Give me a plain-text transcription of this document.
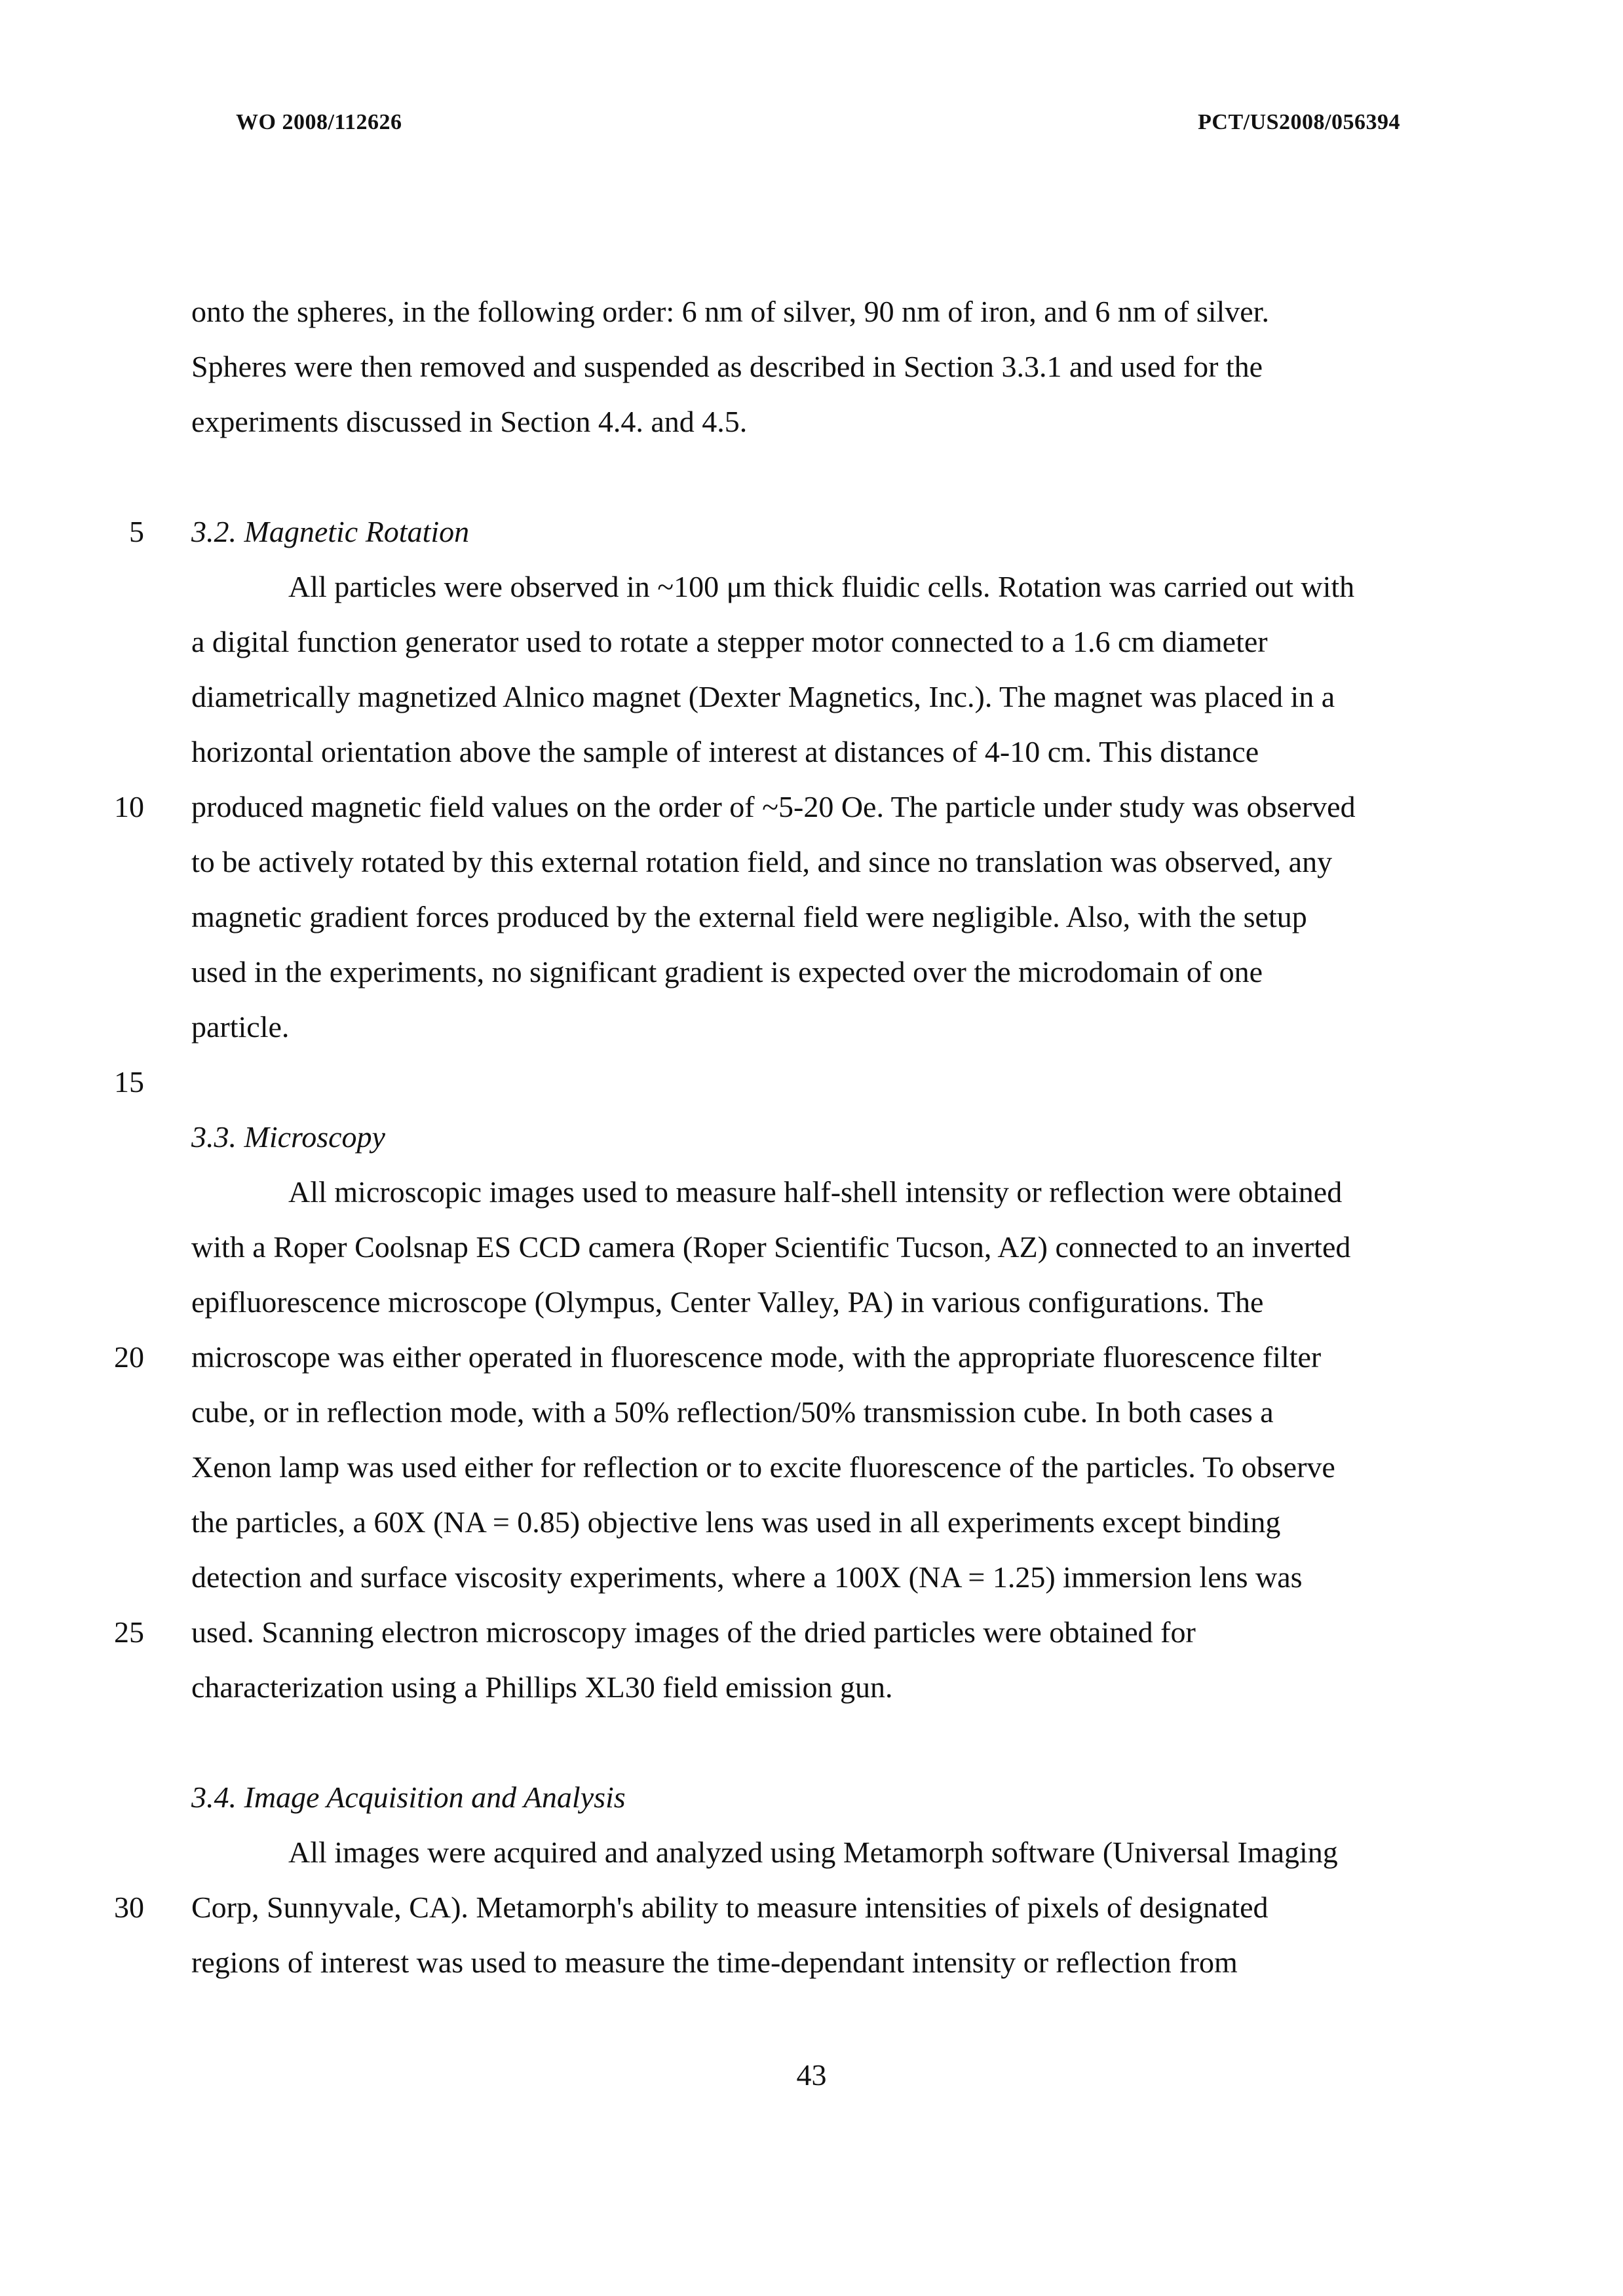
WO 2008/112626	PCT/US2008/056394
onto the spheres, in the following order: 6 nm of silver, 90 nm of iron, and 6 nm of silver.
Spheres were then removed and suspended as described in Section 3.3.1 and used for the
experiments discussed in Section 4.4. and 4.5.
3.2. Magnetic Rotation
All particles were observed in ~100 μm thick fluidic cells. Rotation was carried out with
a digital function generator used to rotate a stepper motor connected to a 1.6 cm diameter
diametrically magnetized Alnico magnet (Dexter Magnetics, Inc.). The magnet was placed in a
horizontal orientation above the sample of interest at distances of 4-10 cm. This distance
produced magnetic field values on the order of ~5-20 Oe. The particle under study was observed
to be actively rotated by this external rotation field, and since no translation was observed, any
magnetic gradient forces produced by the external field were negligible. Also, with the setup
used in the experiments, no significant gradient is expected over the microdomain of one
particle.
3.3. Microscopy
All microscopic images used to measure half-shell intensity or reflection were obtained
with a Roper Coolsnap ES CCD camera (Roper Scientific Tucson, AZ) connected to an inverted
epifluorescence microscope (Olympus, Center Valley, PA) in various configurations. The
microscope was either operated in fluorescence mode, with the appropriate fluorescence filter
cube, or in reflection mode, with a 50% reflection/50% transmission cube. In both cases a
Xenon lamp was used either for reflection or to excite fluorescence of the particles. To observe
the particles, a 60X (NA = 0.85) objective lens was used in all experiments except binding
detection and surface viscosity experiments, where a 100X (NA = 1.25) immersion lens was
used. Scanning electron microscopy images of the dried particles were obtained for
characterization using a Phillips XL30 field emission gun.
3.4. Image Acquisition and Analysis
All images were acquired and analyzed using Metamorph software (Universal Imaging
Corp, Sunnyvale, CA). Metamorph's ability to measure intensities of pixels of designated
regions of interest was used to measure the time-dependant intensity or reflection from
5
10
15
20
25
30
43
